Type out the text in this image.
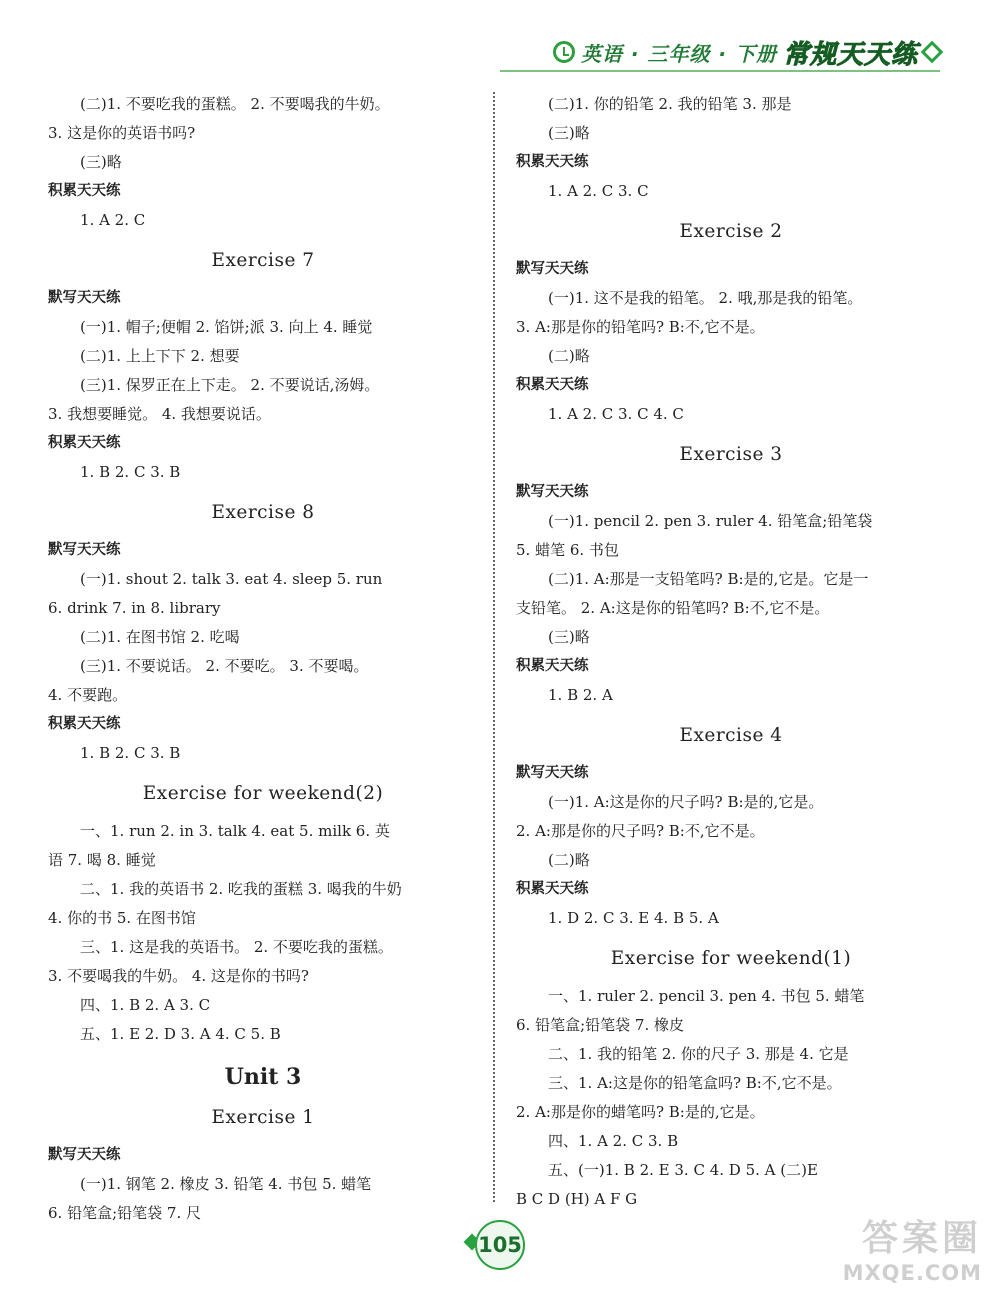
英语 · 三年级 · 下册 常规天天练
(二)1. 不要吃我的蛋糕。 2. 不要喝我的牛奶。
3. 这是你的英语书吗?
(三)略
积累天天练
1. A 2. C
Exercise 7
默写天天练
(一)1. 帽子;便帽 2. 馅饼;派 3. 向上 4. 睡觉
(二)1. 上上下下 2. 想要
(三)1. 保罗正在上下走。 2. 不要说话,汤姆。
3. 我想要睡觉。 4. 我想要说话。
积累天天练
1. B 2. C 3. B
Exercise 8
默写天天练
(一)1. shout 2. talk 3. eat 4. sleep 5. run
6. drink 7. in 8. library
(二)1. 在图书馆 2. 吃喝
(三)1. 不要说话。 2. 不要吃。 3. 不要喝。
4. 不要跑。
积累天天练
1. B 2. C 3. B
Exercise for weekend(2)
一、1. run 2. in 3. talk 4. eat 5. milk 6. 英
语 7. 喝 8. 睡觉
二、1. 我的英语书 2. 吃我的蛋糕 3. 喝我的牛奶
4. 你的书 5. 在图书馆
三、1. 这是我的英语书。 2. 不要吃我的蛋糕。
3. 不要喝我的牛奶。 4. 这是你的书吗?
四、1. B 2. A 3. C
五、1. E 2. D 3. A 4. C 5. B
Unit 3
Exercise 1
默写天天练
(一)1. 钢笔 2. 橡皮 3. 铅笔 4. 书包 5. 蜡笔
6. 铅笔盒;铅笔袋 7. 尺
(二)1. 你的铅笔 2. 我的铅笔 3. 那是
(三)略
积累天天练
1. A 2. C 3. C
Exercise 2
默写天天练
(一)1. 这不是我的铅笔。 2. 哦,那是我的铅笔。
3. A:那是你的铅笔吗? B:不,它不是。
(二)略
积累天天练
1. A 2. C 3. C 4. C
Exercise 3
默写天天练
(一)1. pencil 2. pen 3. ruler 4. 铅笔盒;铅笔袋
5. 蜡笔 6. 书包
(二)1. A:那是一支铅笔吗? B:是的,它是。它是一
支铅笔。 2. A:这是你的铅笔吗? B:不,它不是。
(三)略
积累天天练
1. B 2. A
Exercise 4
默写天天练
(一)1. A:这是你的尺子吗? B:是的,它是。
2. A:那是你的尺子吗? B:不,它不是。
(二)略
积累天天练
1. D 2. C 3. E 4. B 5. A
Exercise for weekend(1)
一、1. ruler 2. pencil 3. pen 4. 书包 5. 蜡笔
6. 铅笔盒;铅笔袋 7. 橡皮
二、1. 我的铅笔 2. 你的尺子 3. 那是 4. 它是
三、1. A:这是你的铅笔盒吗? B:不,它不是。
2. A:那是你的蜡笔吗? B:是的,它是。
四、1. A 2. C 3. B
五、(一)1. B 2. E 3. C 4. D 5. A (二)E
B C D (H) A F G
105	答案圈
MXQE.COM
